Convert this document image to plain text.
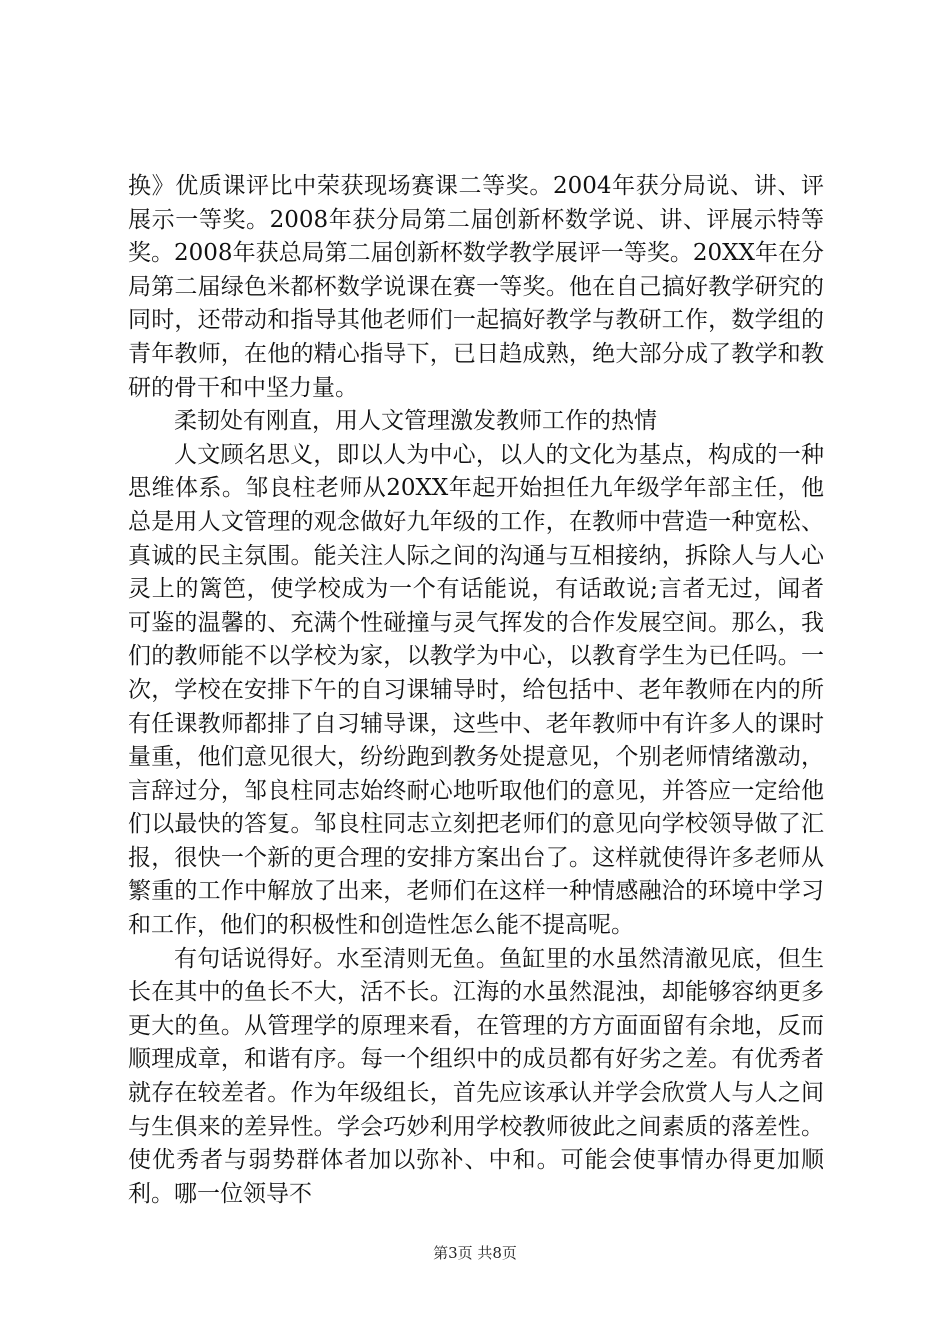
换》优质课评比中荣获现场赛课二等奖。2004年获分局说、讲、评展示一等奖。2008年获分局第二届创新杯数学说、讲、评展示特等奖。2008年获总局第二届创新杯数学教学展评一等奖。20XX年在分局第二届绿色米都杯数学说课在赛一等奖。他在自己搞好教学研究的同时，还带动和指导其他老师们一起搞好教学与教研工作，数学组的青年教师，在他的精心指导下，已日趋成熟，绝大部分成了教学和教研的骨干和中坚力量。

柔韧处有刚直，用人文管理激发教师工作的热情

人文顾名思义，即以人为中心，以人的文化为基点，构成的一种思维体系。邹良柱老师从20XX年起开始担任九年级学年部主任，他总是用人文管理的观念做好九年级的工作，在教师中营造一种宽松、真诚的民主氛围。能关注人际之间的沟通与互相接纳，拆除人与人心灵上的篱笆，使学校成为一个有话能说，有话敢说;言者无过，闻者可鉴的温馨的、充满个性碰撞与灵气挥发的合作发展空间。那么，我们的教师能不以学校为家，以教学为中心，以教育学生为已任吗。一次，学校在安排下午的自习课辅导时，给包括中、老年教师在内的所有任课教师都排了自习辅导课，这些中、老年教师中有许多人的课时量重，他们意见很大，纷纷跑到教务处提意见，个别老师情绪激动，言辞过分，邹良柱同志始终耐心地听取他们的意见，并答应一定给他们以最快的答复。邹良柱同志立刻把老师们的意见向学校领导做了汇报，很快一个新的更合理的安排方案出台了。这样就使得许多老师从繁重的工作中解放了出来，老师们在这样一种情感融洽的环境中学习和工作，他们的积极性和创造性怎么能不提高呢。

有句话说得好。水至清则无鱼。鱼缸里的水虽然清澈见底，但生长在其中的鱼长不大，活不长。江海的水虽然混浊，却能够容纳更多更大的鱼。从管理学的原理来看，在管理的方方面面留有余地，反而顺理成章，和谐有序。每一个组织中的成员都有好劣之差。有优秀者就存在较差者。作为年级组长，首先应该承认并学会欣赏人与人之间与生俱来的差异性。学会巧妙利用学校教师彼此之间素质的落差性。使优秀者与弱势群体者加以弥补、中和。可能会使事情办得更加顺利。哪一位领导不

第3页 共8页
